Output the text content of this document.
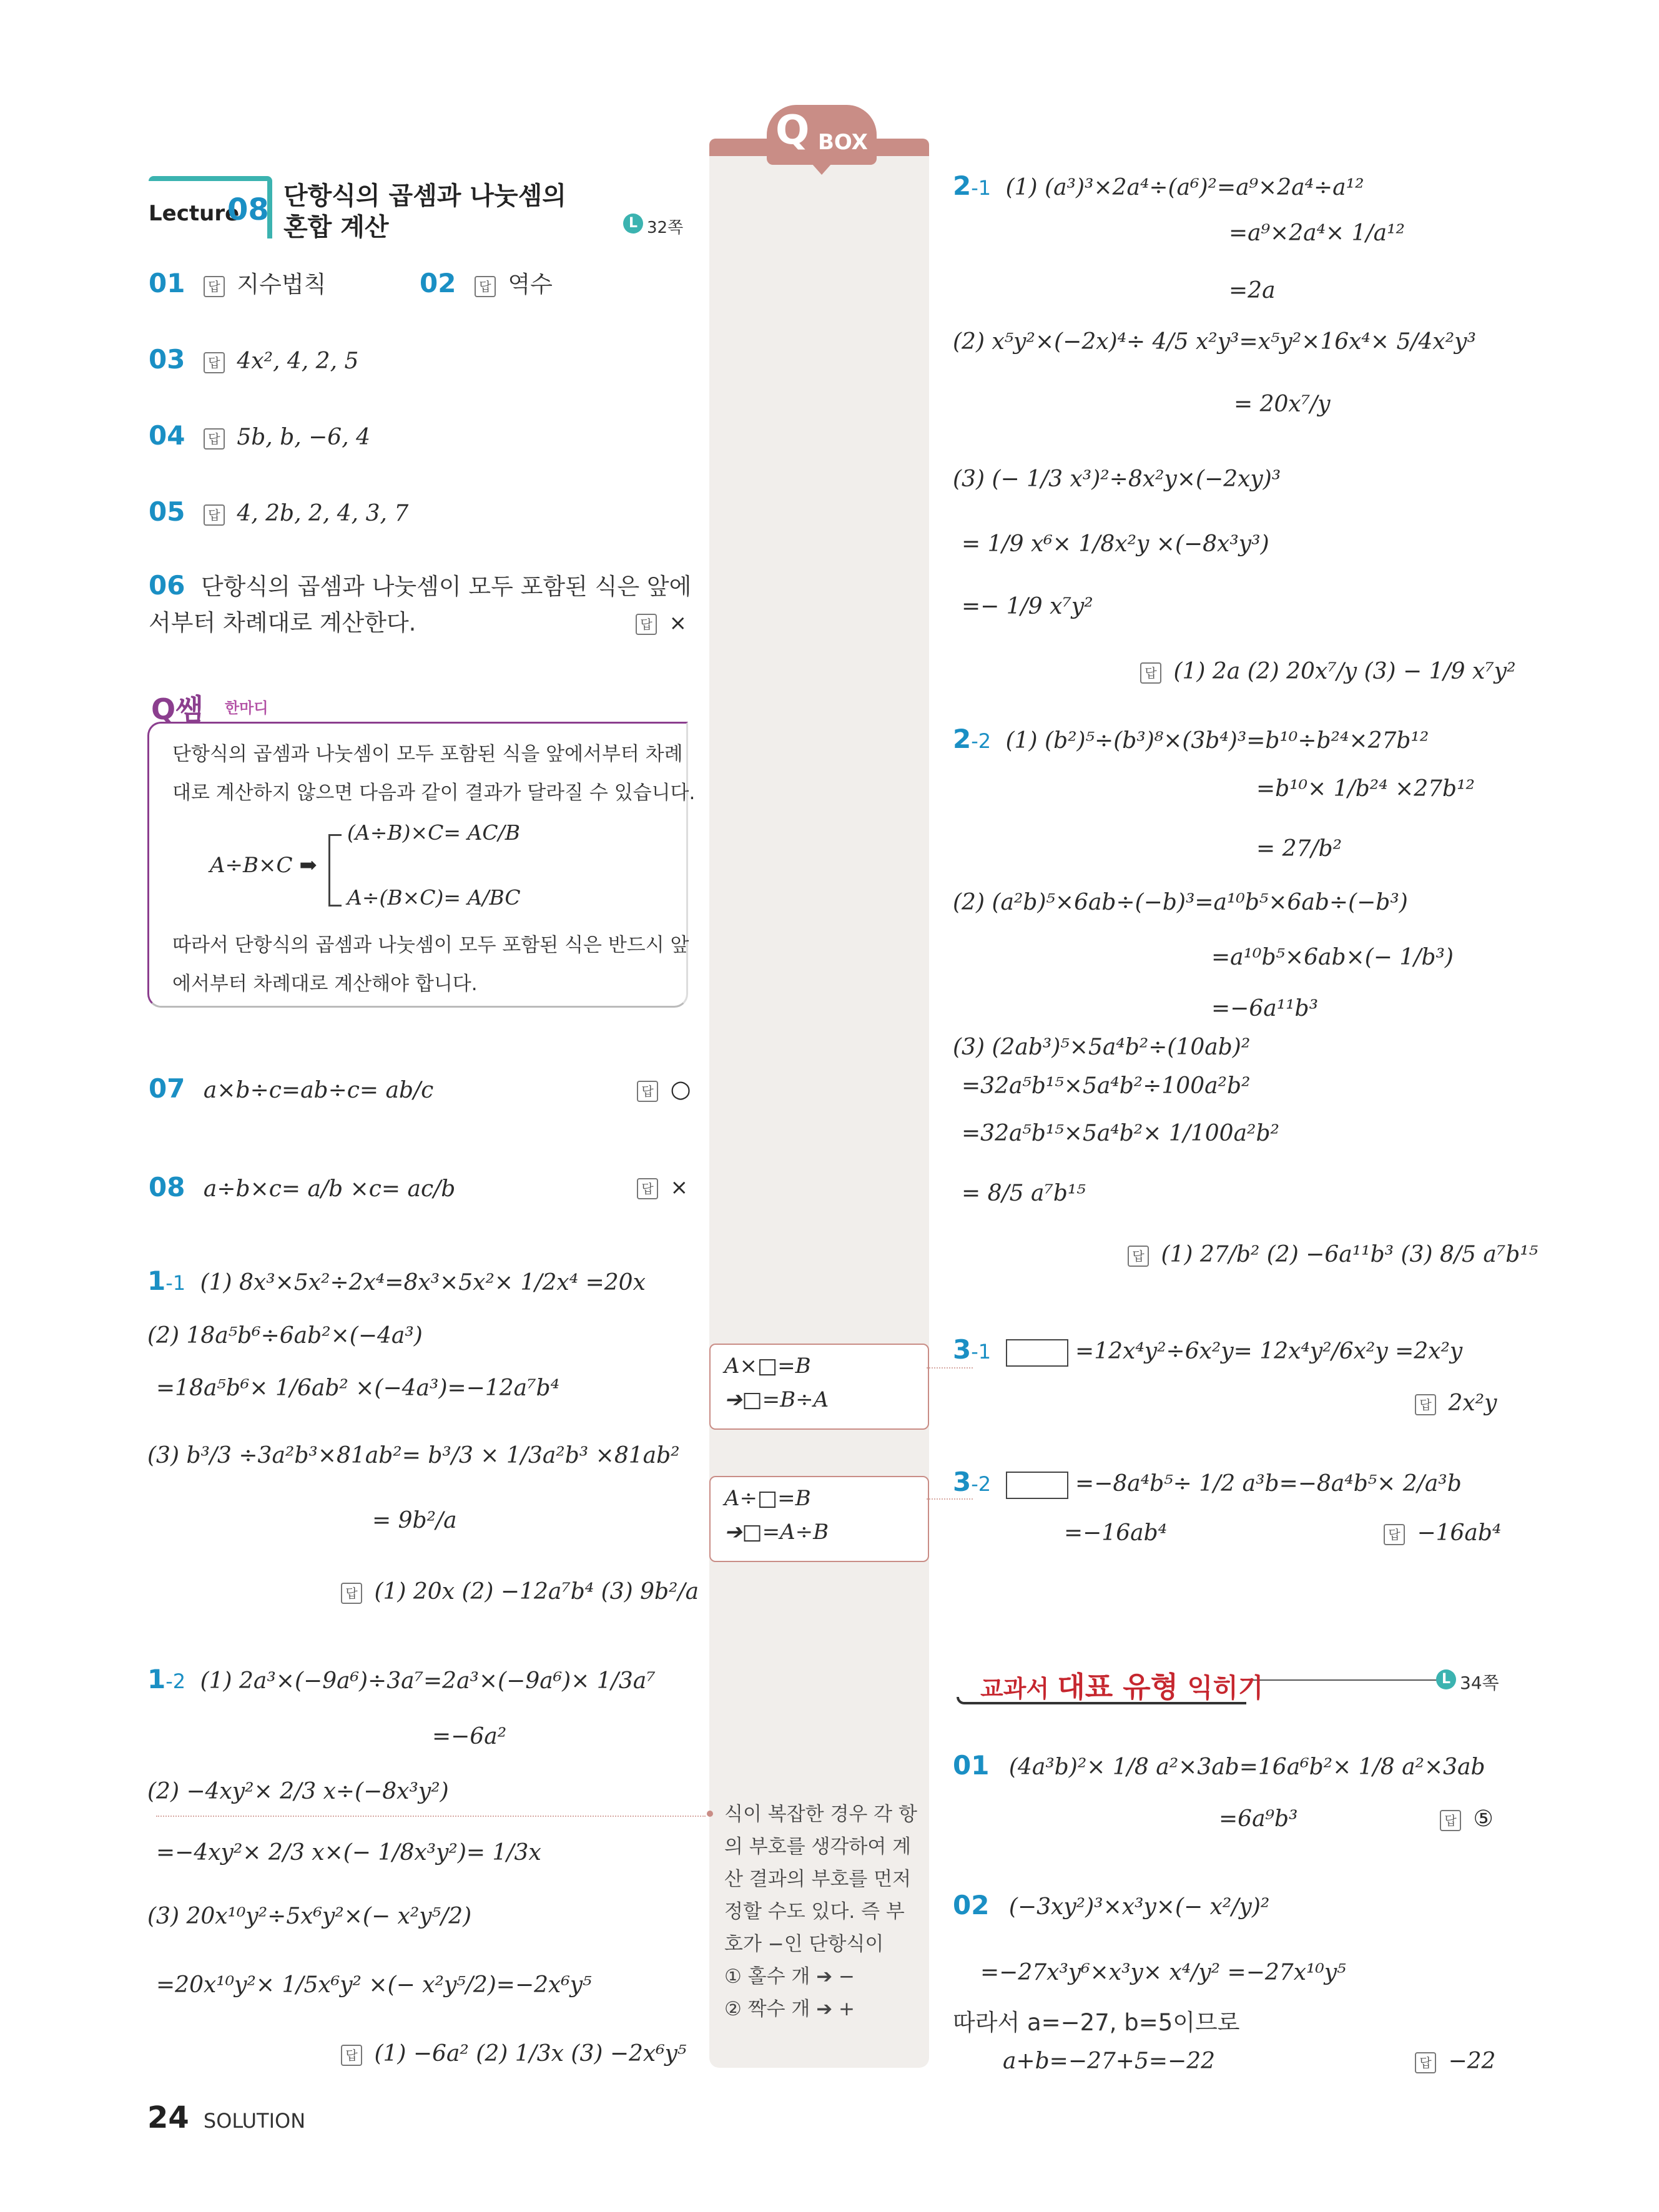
Lecture
08 단항식의 곱셈과 나눗셈의
혼합 계산	L 32쪽
01 답 지수법칙	02 답 역수
03 답 4x², 4, 2, 5
04 답 5b, b, −6, 4
05 답 4, 2b, 2, 4, 3, 7
06 단항식의 곱셈과 나눗셈이 모두 포함된 식은 앞에
서부터 차례대로 계산한다.	답 ×
Q쌤 한마디
단항식의 곱셈과 나눗셈이 모두 포함된 식을 앞에서부터 차례
대로 계산하지 않으면 다음과 같이 결과가 달라질 수 있습니다.
A÷B×C ➡
(A÷B)×C= AC/B
A÷(B×C)= A/BC
따라서 단항식의 곱셈과 나눗셈이 모두 포함된 식은 반드시 앞
에서부터 차례대로 계산해야 합니다.
07 a×b÷c=ab÷c= ab/c	답 ○
08 a÷b×c= a/b ×c= ac/b	답 ×
1-1 (1) 8x³×5x²÷2x⁴=8x³×5x²× 1/2x⁴ =20x
(2) 18a⁵b⁶÷6ab²×(−4a³)
=18a⁵b⁶× 1/6ab² ×(−4a³)=−12a⁷b⁴
(3) b³/3 ÷3a²b³×81ab²= b³/3 × 1/3a²b³ ×81ab²
= 9b²/a
답 (1) 20x (2) −12a⁷b⁴ (3) 9b²/a
1-2 (1) 2a³×(−9a⁶)÷3a⁷=2a³×(−9a⁶)× 1/3a⁷
=−6a²
(2) −4xy²× 2/3 x÷(−8x³y²)
=−4xy²× 2/3 x×(− 1/8x³y²)= 1/3x
(3) 20x¹⁰y²÷5x⁶y²×(− x²y⁵/2)
=20x¹⁰y²× 1/5x⁶y² ×(− x²y⁵/2)=−2x⁶y⁵
답 (1) −6a² (2) 1/3x (3) −2x⁶y⁵
24 SOLUTION
Q BOX
A×□=B
➔□=B÷A
A÷□=B
➔□=A÷B
식이 복잡한 경우 각 항
의 부호를 생각하여 계
산 결과의 부호를 먼저
정할 수도 있다. 즉 부
호가 −인 단항식이
① 홀수 개 ➔ −
② 짝수 개 ➔ +
2-1 (1) (a³)³×2a⁴÷(a⁶)²=a⁹×2a⁴÷a¹²
=a⁹×2a⁴× 1/a¹²
=2a
(2) x⁵y²×(−2x)⁴÷ 4/5 x²y³=x⁵y²×16x⁴× 5/4x²y³
= 20x⁷/y
(3) (− 1/3 x³)²÷8x²y×(−2xy)³
= 1/9 x⁶× 1/8x²y ×(−8x³y³)
=− 1/9 x⁷y²
답 (1) 2a (2) 20x⁷/y (3) − 1/9 x⁷y²
2-2 (1) (b²)⁵÷(b³)⁸×(3b⁴)³=b¹⁰÷b²⁴×27b¹²
=b¹⁰× 1/b²⁴ ×27b¹²
= 27/b²
(2) (a²b)⁵×6ab÷(−b)³=a¹⁰b⁵×6ab÷(−b³)
=a¹⁰b⁵×6ab×(− 1/b³)
=−6a¹¹b³
(3) (2ab³)⁵×5a⁴b²÷(10ab)²
=32a⁵b¹⁵×5a⁴b²÷100a²b²
=32a⁵b¹⁵×5a⁴b²× 1/100a²b²
= 8/5 a⁷b¹⁵
답 (1) 27/b² (2) −6a¹¹b³ (3) 8/5 a⁷b¹⁵
3-1	=12x⁴y²÷6x²y= 12x⁴y²/6x²y =2x²y
답 2x²y
3-2	=−8a⁴b⁵÷ 1/2 a³b=−8a⁴b⁵× 2/a³b
=−16ab⁴	답 −16ab⁴
교과서 대표 유형 익히기	L 34쪽
01 (4a³b)²× 1/8 a²×3ab=16a⁶b²× 1/8 a²×3ab
=6a⁹b³	답 ⑤
02 (−3xy²)³×x³y×(− x²/y)²
=−27x³y⁶×x³y× x⁴/y² =−27x¹⁰y⁵
따라서 a=−27, b=5이므로
a+b=−27+5=−22	답 −22
